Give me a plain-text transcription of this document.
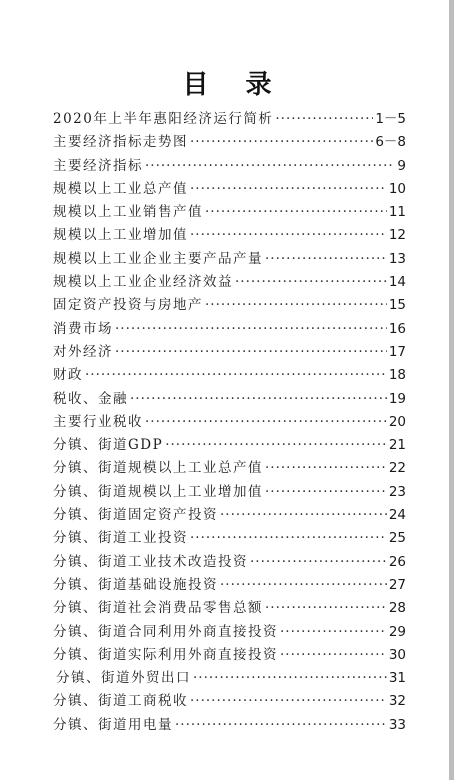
目 录
2020年上半年惠阳经济运行简析 ·····	1－5
主要经济指标走势图 ·····	6－8
主要经济指标 ·····	9
规模以上工业总产值 ·····	10
规模以上工业销售产值 ·····	11
规模以上工业增加值 ·····	12
规模以上工业企业主要产品产量 ·····	13
规模以上工业企业经济效益 ·····	14
固定资产投资与房地产 ·····	15
消费市场 ·····	16
对外经济 ·····	17
财政 ·····	18
税收、金融 ·····	19
主要行业税收 ·····	20
分镇、街道GDP ·····	21
分镇、街道规模以上工业总产值 ·····	22
分镇、街道规模以上工业增加值 ·····	23
分镇、街道固定资产投资 ·····	24
分镇、街道工业投资 ·····	25
分镇、街道工业技术改造投资 ·····	26
分镇、街道基础设施投资 ·····	27
分镇、街道社会消费品零售总额 ·····	28
分镇、街道合同利用外商直接投资 ·····	29
分镇、街道实际利用外商直接投资 ·····	30
分镇、街道外贸出口 ·····	31
分镇、街道工商税收 ·····	32
分镇、街道用电量 ·····	33
